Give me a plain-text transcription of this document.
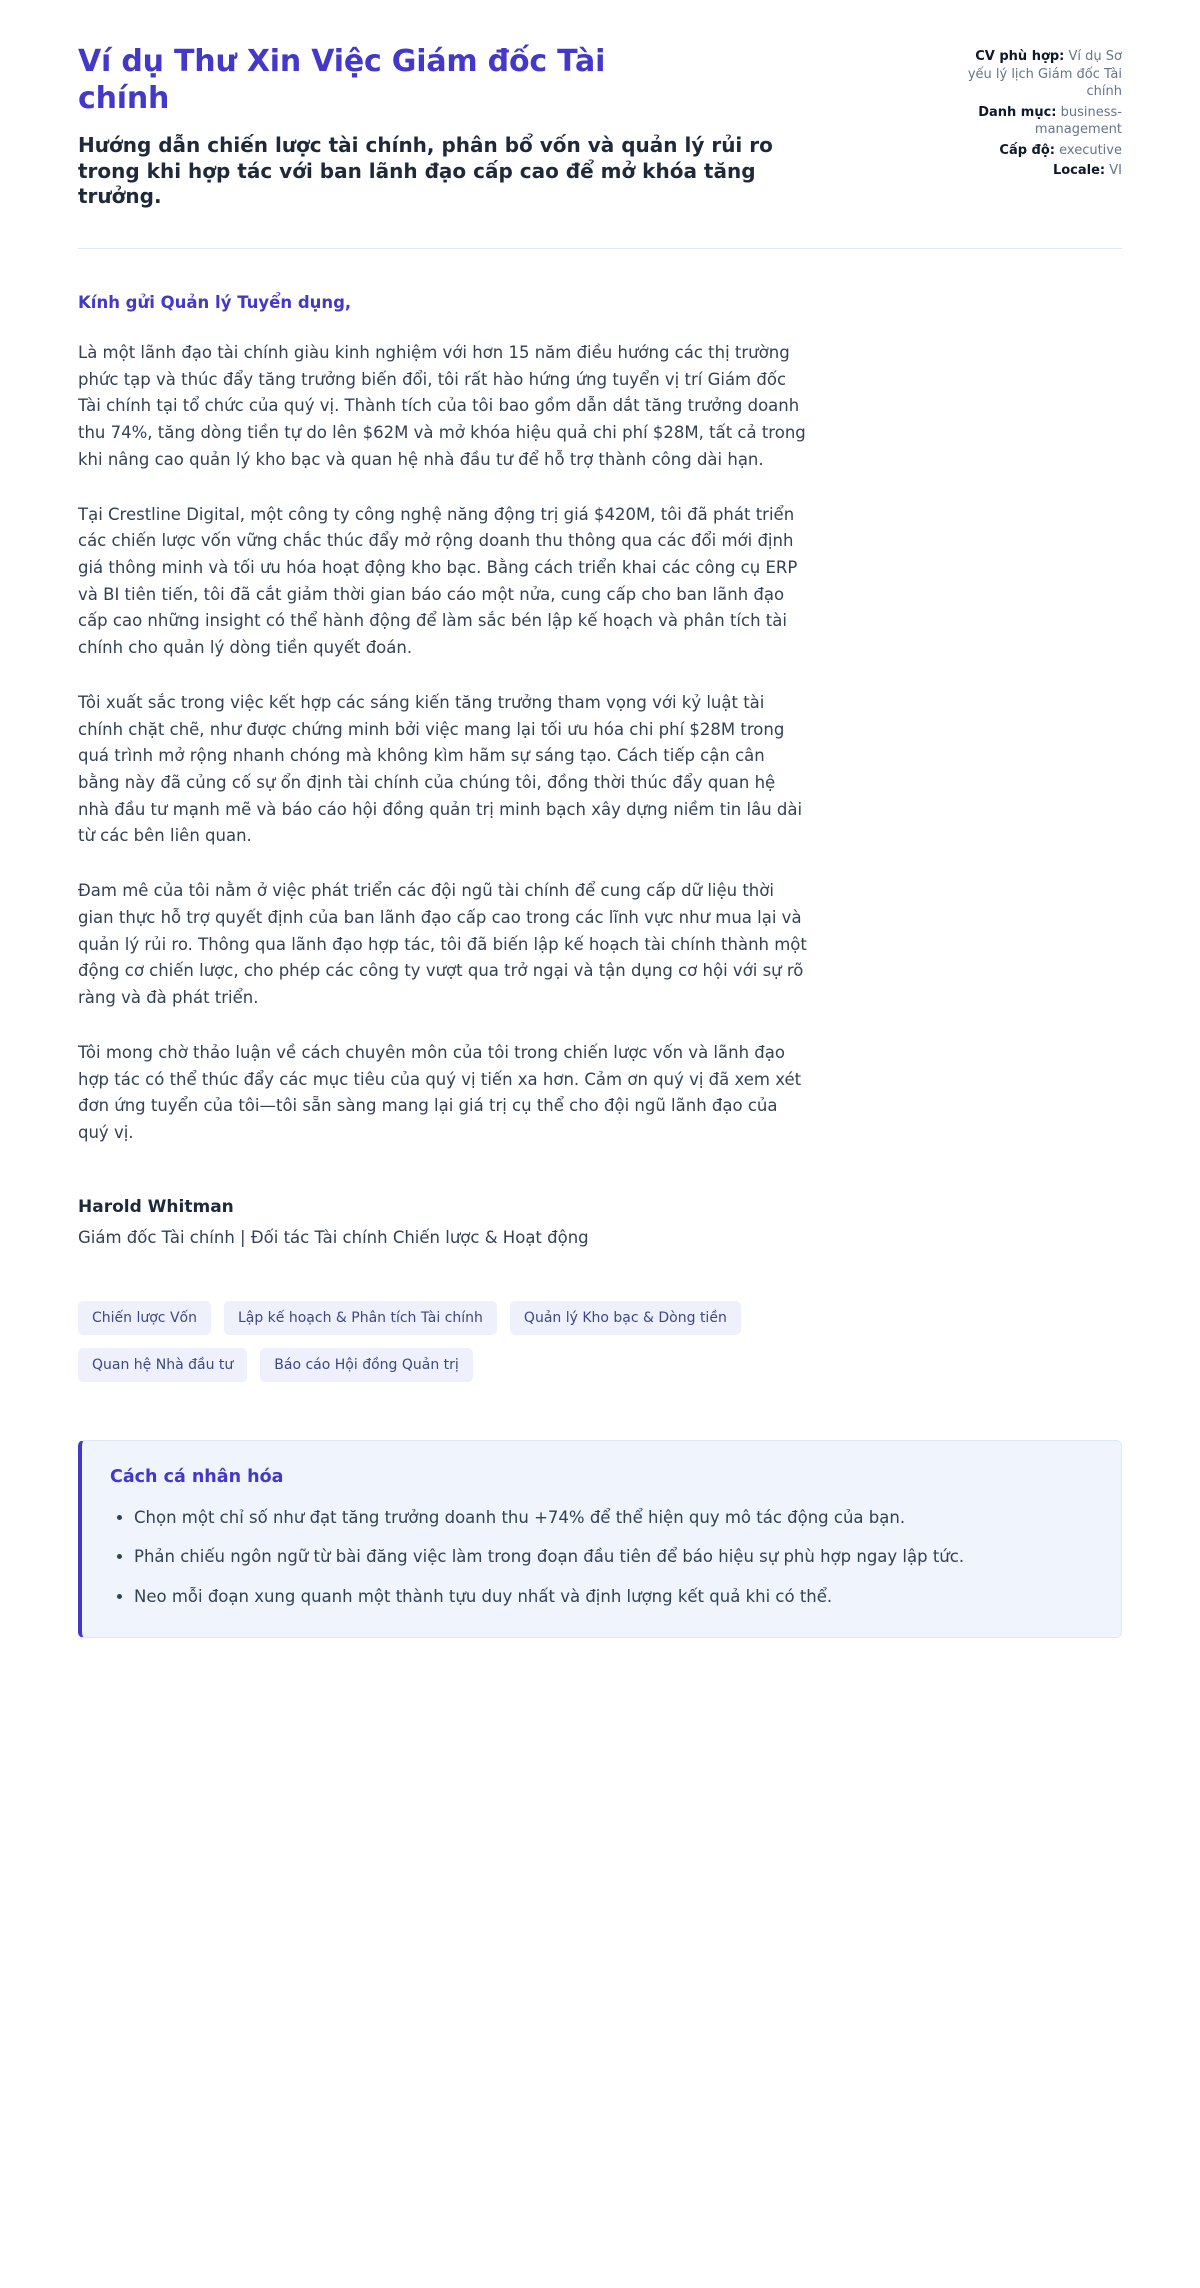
Ví dụ Thư Xin Việc Giám đốc Tài chính

Hướng dẫn chiến lược tài chính, phân bổ vốn và quản lý rủi ro trong khi hợp tác với ban lãnh đạo cấp cao để mở khóa tăng trưởng.

CV phù hợp: Ví dụ Sơ yếu lý lịch Giám đốc Tài chính
Danh mục: business-management
Cấp độ: executive
Locale: VI

Kính gửi Quản lý Tuyển dụng,

Là một lãnh đạo tài chính giàu kinh nghiệm với hơn 15 năm điều hướng các thị trường phức tạp và thúc đẩy tăng trưởng biến đổi, tôi rất hào hứng ứng tuyển vị trí Giám đốc Tài chính tại tổ chức của quý vị. Thành tích của tôi bao gồm dẫn dắt tăng trưởng doanh thu 74%, tăng dòng tiền tự do lên $62M và mở khóa hiệu quả chi phí $28M, tất cả trong khi nâng cao quản lý kho bạc và quan hệ nhà đầu tư để hỗ trợ thành công dài hạn.

Tại Crestline Digital, một công ty công nghệ năng động trị giá $420M, tôi đã phát triển các chiến lược vốn vững chắc thúc đẩy mở rộng doanh thu thông qua các đổi mới định giá thông minh và tối ưu hóa hoạt động kho bạc. Bằng cách triển khai các công cụ ERP và BI tiên tiến, tôi đã cắt giảm thời gian báo cáo một nửa, cung cấp cho ban lãnh đạo cấp cao những insight có thể hành động để làm sắc bén lập kế hoạch và phân tích tài chính cho quản lý dòng tiền quyết đoán.

Tôi xuất sắc trong việc kết hợp các sáng kiến tăng trưởng tham vọng với kỷ luật tài chính chặt chẽ, như được chứng minh bởi việc mang lại tối ưu hóa chi phí $28M trong quá trình mở rộng nhanh chóng mà không kìm hãm sự sáng tạo. Cách tiếp cận cân bằng này đã củng cố sự ổn định tài chính của chúng tôi, đồng thời thúc đẩy quan hệ nhà đầu tư mạnh mẽ và báo cáo hội đồng quản trị minh bạch xây dựng niềm tin lâu dài từ các bên liên quan.

Đam mê của tôi nằm ở việc phát triển các đội ngũ tài chính để cung cấp dữ liệu thời gian thực hỗ trợ quyết định của ban lãnh đạo cấp cao trong các lĩnh vực như mua lại và quản lý rủi ro. Thông qua lãnh đạo hợp tác, tôi đã biến lập kế hoạch tài chính thành một động cơ chiến lược, cho phép các công ty vượt qua trở ngại và tận dụng cơ hội với sự rõ ràng và đà phát triển.

Tôi mong chờ thảo luận về cách chuyên môn của tôi trong chiến lược vốn và lãnh đạo hợp tác có thể thúc đẩy các mục tiêu của quý vị tiến xa hơn. Cảm ơn quý vị đã xem xét đơn ứng tuyển của tôi—tôi sẵn sàng mang lại giá trị cụ thể cho đội ngũ lãnh đạo của quý vị.

Harold Whitman

Giám đốc Tài chính | Đối tác Tài chính Chiến lược & Hoạt động

Chiến lược Vốn	Lập kế hoạch & Phân tích Tài chính	Quản lý Kho bạc & Dòng tiền
Quan hệ Nhà đầu tư	Báo cáo Hội đồng Quản trị
Cách cá nhân hóa
• Chọn một chỉ số như đạt tăng trưởng doanh thu +74% để thể hiện quy mô tác động của bạn.
• Phản chiếu ngôn ngữ từ bài đăng việc làm trong đoạn đầu tiên để báo hiệu sự phù hợp ngay lập tức.
• Neo mỗi đoạn xung quanh một thành tựu duy nhất và định lượng kết quả khi có thể.
